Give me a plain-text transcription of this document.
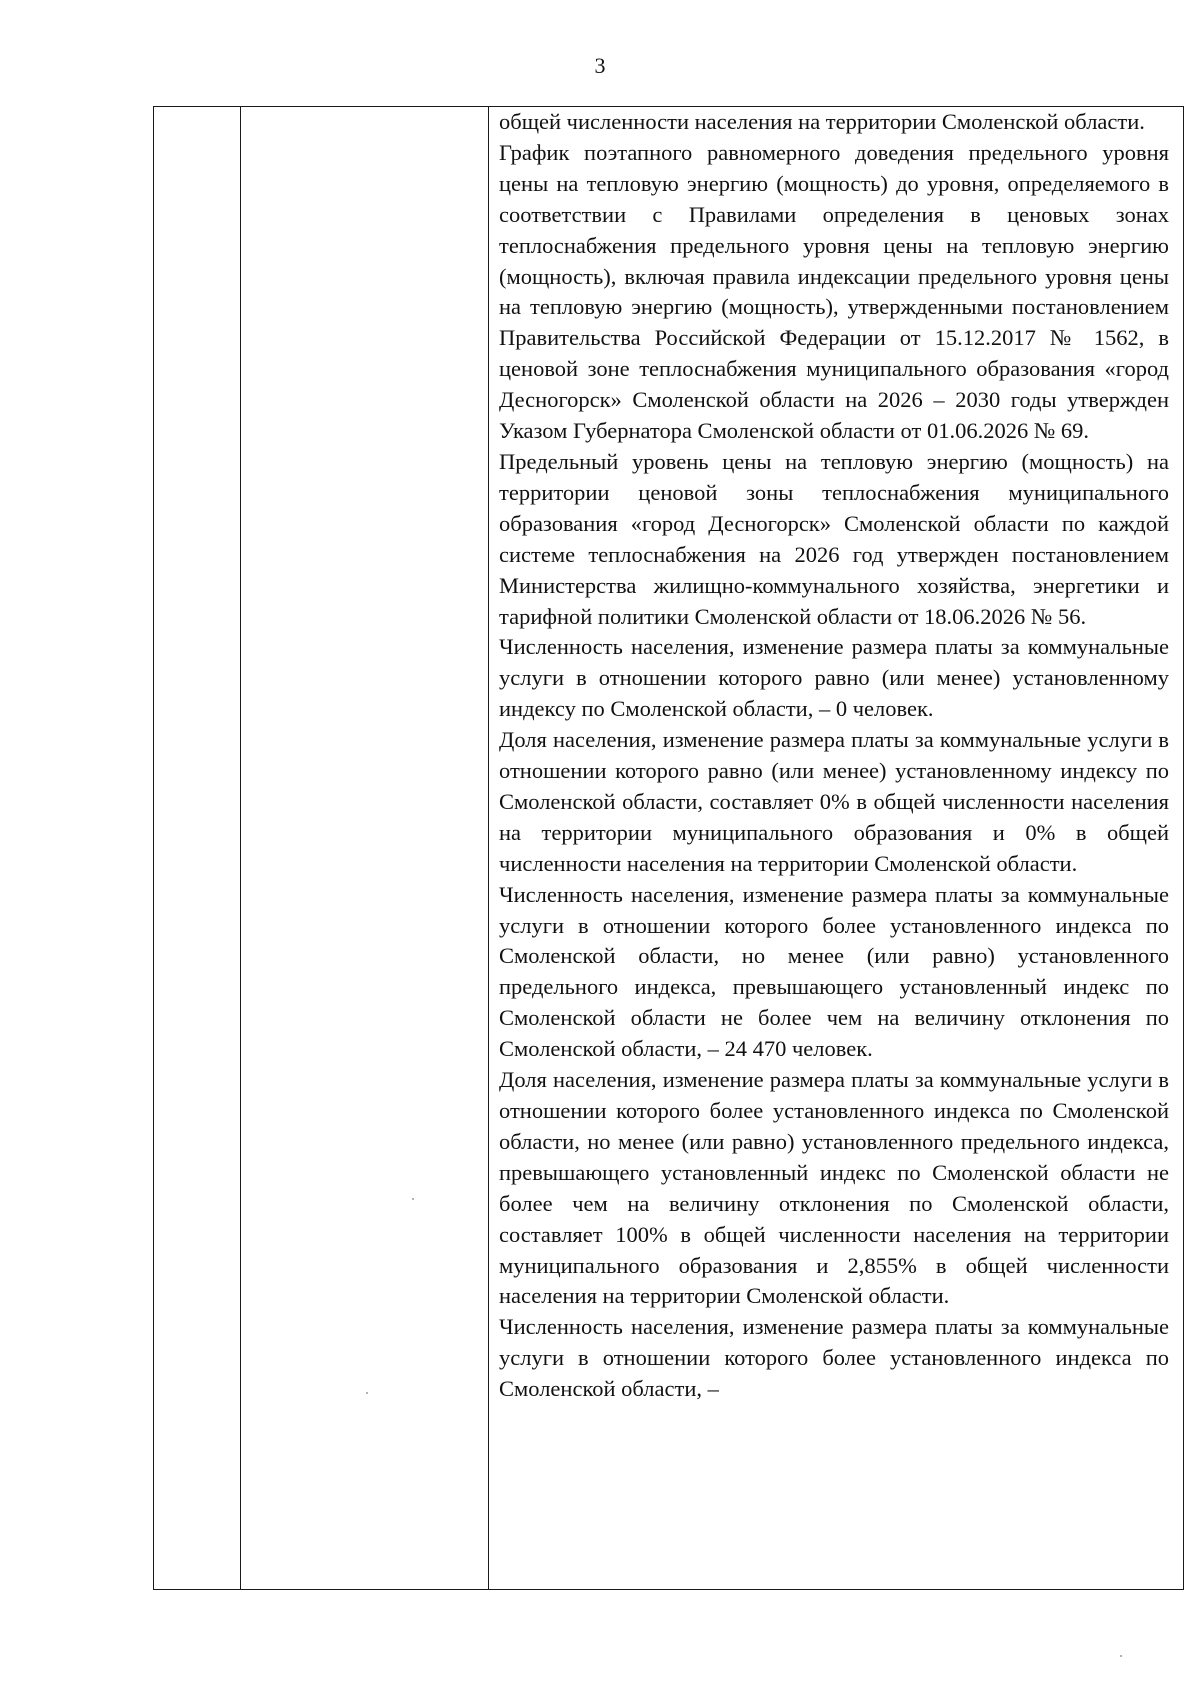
3

общей численности населения на территории Смоленской области.

График поэтапного равномерного доведения предельного уровня цены на тепловую энергию (мощность) до уровня, определяемого в соответствии с Правилами определения в ценовых зонах теплоснабжения предельного уровня цены на тепловую энергию (мощность), включая правила индексации предельного уровня цены на тепловую энергию (мощность), утвержденными постановлением Правительства Российской Федерации от 15.12.2017 № 1562, в ценовой зоне теплоснабжения муниципального образования «город Десногорск» Смоленской области на 2026 – 2030 годы утвержден Указом Губернатора Смоленской области от 01.06.2026 № 69.

Предельный уровень цены на тепловую энергию (мощность) на территории ценовой зоны теплоснабжения муниципального образования «город Десногорск» Смоленской области по каждой системе теплоснабжения на 2026 год утвержден постановлением Министерства жилищно-коммунального хозяйства, энергетики и тарифной политики Смоленской области от 18.06.2026 № 56.

Численность населения, изменение размера платы за коммунальные услуги в отношении которого равно (или менее) установленному индексу по Смоленской области, – 0 человек.

Доля населения, изменение размера платы за коммунальные услуги в отношении которого равно (или менее) установленному индексу по Смоленской области, составляет 0% в общей численности населения на территории муниципального образования и 0% в общей численности населения на территории Смоленской области.

Численность населения, изменение размера платы за коммунальные услуги в отношении которого более установленного индекса по Смоленской области, но менее (или равно) установленного предельного индекса, превышающего установленный индекс по Смоленской области не более чем на величину отклонения по Смоленской области, – 24 470 человек.

Доля населения, изменение размера платы за коммунальные услуги в отношении которого более установленного индекса по Смоленской области, но менее (или равно) установленного предельного индекса, превышающего установленный индекс по Смоленской области не более чем на величину отклонения по Смоленской области, составляет 100% в общей численности населения на территории муниципального образования и 2,855% в общей численности населения на территории Смоленской области.

Численность населения, изменение размера платы за коммунальные услуги в отношении которого более установленного индекса по Смоленской области, –
